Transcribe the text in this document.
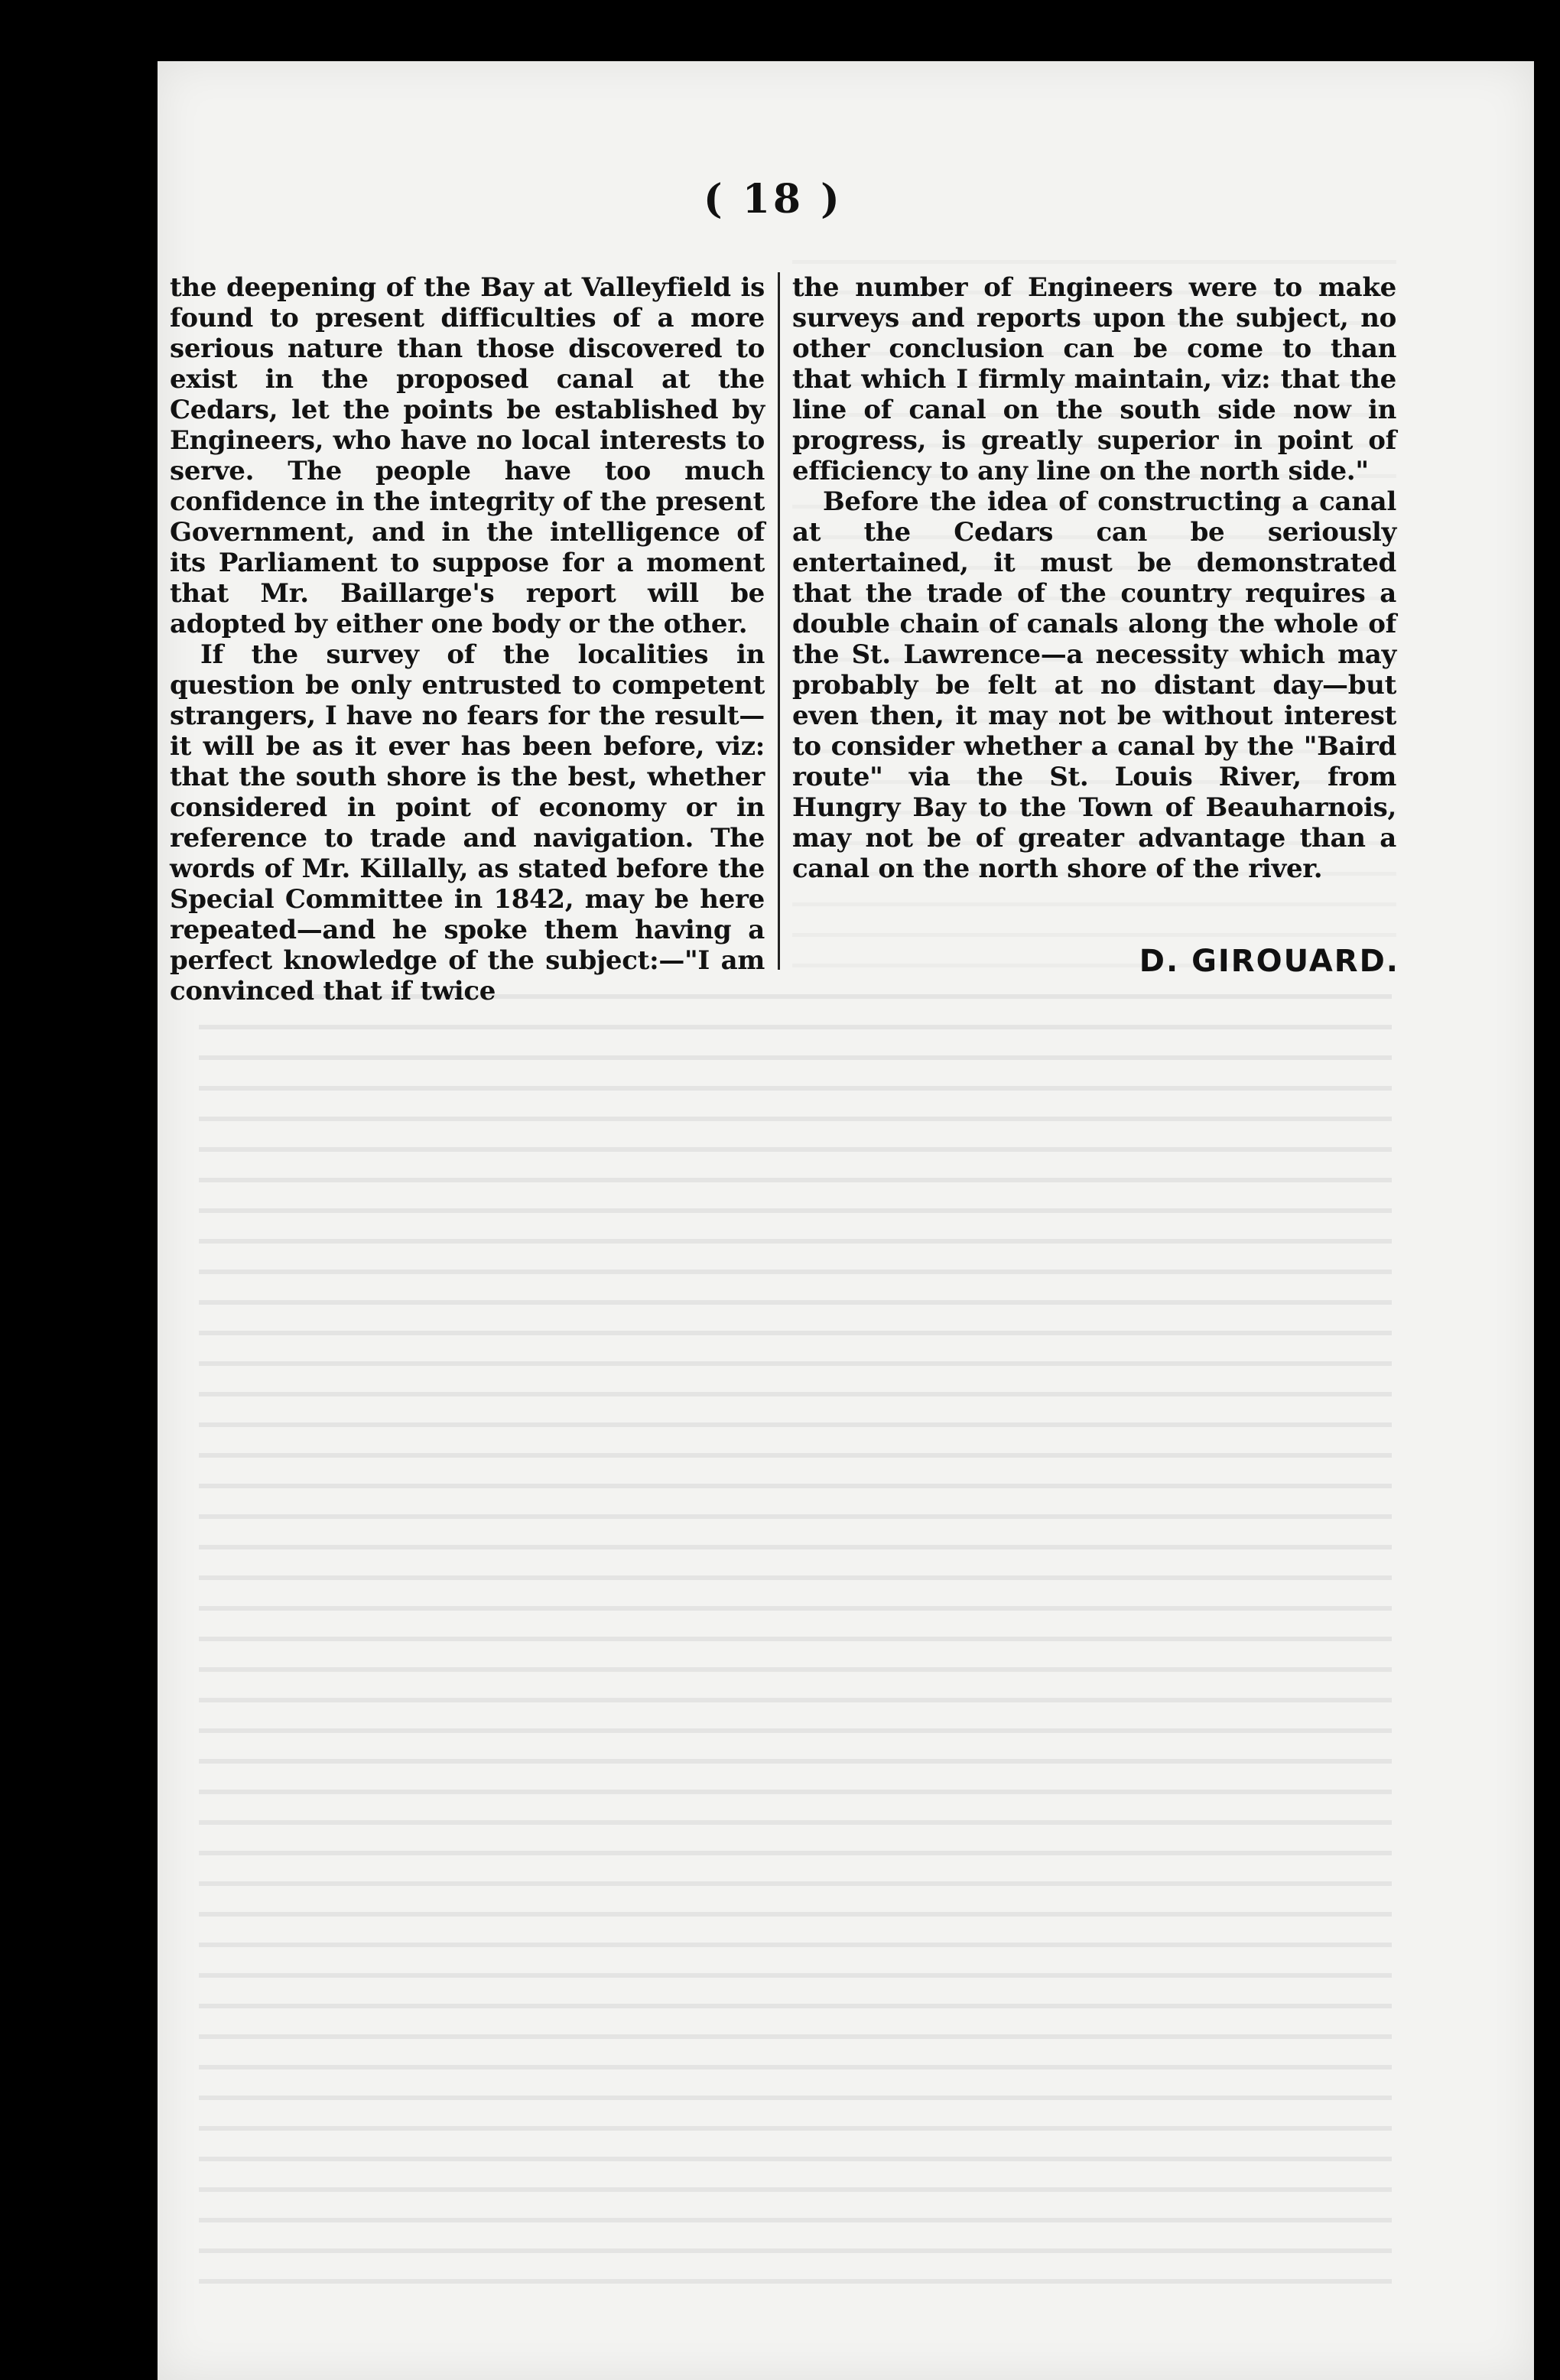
( 18 )

the deepening of the Bay at Valleyfield is found to present difficulties of a more serious nature than those discovered to exist in the proposed canal at the Cedars, let the points be established by Engineers, who have no local interests to serve. The people have too much confidence in the integrity of the present Government, and in the intelligence of its Parliament to suppose for a moment that Mr. Baillarge's report will be adopted by either one body or the other.

If the survey of the localities in question be only entrusted to competent strangers, I have no fears for the result—it will be as it ever has been before, viz: that the south shore is the best, whether considered in point of economy or in reference to trade and navigation. The words of Mr. Killally, as stated before the Special Committee in 1842, may be here repeated—and he spoke them having a perfect knowledge of the subject:—"I am convinced that if twice

the number of Engineers were to make surveys and reports upon the subject, no other conclusion can be come to than that which I firmly maintain, viz: that the line of canal on the south side now in progress, is greatly superior in point of efficiency to any line on the north side."

Before the idea of constructing a canal at the Cedars can be seriously entertained, it must be demonstrated that the trade of the country requires a double chain of canals along the whole of the St. Lawrence—a necessity which may probably be felt at no distant day—but even then, it may not be without interest to consider whether a canal by the "Baird route" via the St. Louis River, from Hungry Bay to the Town of Beauharnois, may not be of greater advantage than a canal on the north shore of the river.

D. GIROUARD.
